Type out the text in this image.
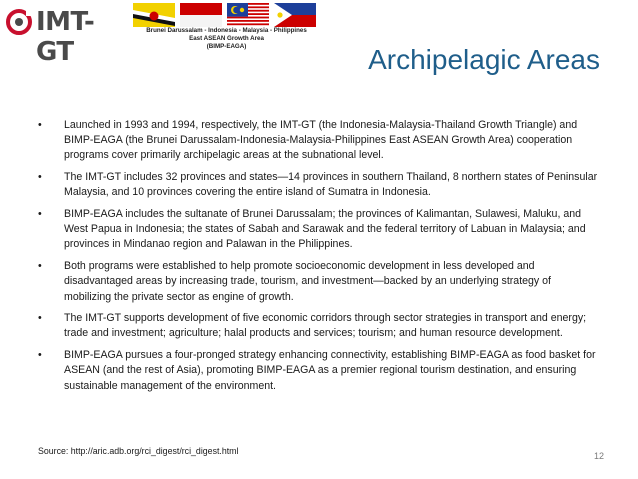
IMT-GT
Brunei Darussalam - Indonesia - Malaysia - Philippines
East ASEAN Growth Area
(BIMP-EAGA)	Archipelagic Areas
• Launched in 1993 and 1994, respectively, the IMT-GT (the Indonesia-Malaysia-Thailand Growth Triangle) and BIMP-EAGA (the Brunei Darussalam-Indonesia-Malaysia-Philippines East ASEAN Growth Area) cooperation programs cover primarily archipelagic areas at the subnational level.
• The IMT-GT includes 32 provinces and states—14 provinces in southern Thailand, 8 northern states of Peninsular Malaysia, and 10 provinces covering the entire island of Sumatra in Indonesia.
• BIMP-EAGA includes the sultanate of Brunei Darussalam; the provinces of Kalimantan, Sulawesi, Maluku, and West Papua in Indonesia; the states of Sabah and Sarawak and the federal territory of Labuan in Malaysia; and provinces in Mindanao region and Palawan in the Philippines.
• Both programs were established to help promote socioeconomic development in less developed and disadvantaged areas by increasing trade, tourism, and investment—backed by an underlying strategy of mobilizing the private sector as engine of growth.
• The IMT-GT supports development of five economic corridors through sector strategies in transport and energy; trade and investment; agriculture; halal products and services; tourism; and human resource development.
• BIMP-EAGA pursues a four-pronged strategy enhancing connectivity, establishing BIMP-EAGA as food basket for ASEAN (and the rest of Asia), promoting BIMP-EAGA as a premier regional tourism destination, and ensuring sustainable management of the environment.
Source: http://aric.adb.org/rci_digest/rci_digest.html	12
